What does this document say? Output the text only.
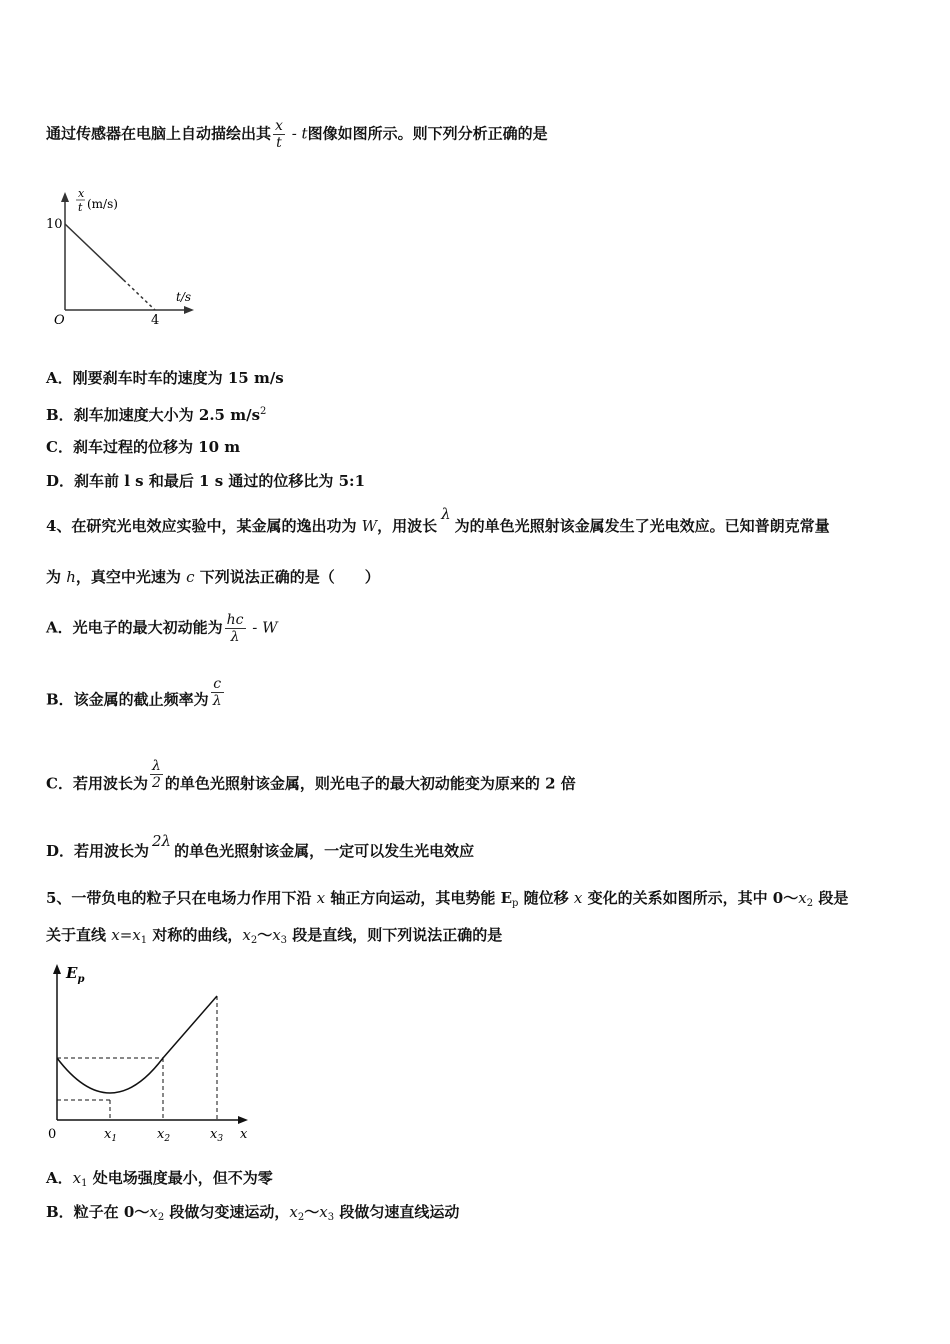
通过传感器在电脑上自动描绘出其 $\frac{x}{t}$ - t图像如图所示。则下列分析正确的是
x
t (m/s)
10
O	4
t/s
A．刚要刹车时车的速度为 15 m/s
B．刹车加速度大小为 2.5 $m/s^2$
C．刹车过程的位移为 10 m
D．刹车前 l s 和最后 1 s 通过的位移比为 5:1
4、在研究光电效应实验中，某金属的逸出功为 W，用波长λ为的单色光照射该金属发生了光电效应。已知普朗克常量
为 h，真空中光速为 c 下列说法正确的是（　　）
A．光电子的最大初动能为 $\frac{hc}{\lambda}$ - W
B．该金属的截止频率为 $\frac{c}{\lambda}$
C．若用波长为 $\frac{\lambda}{2}$ 的单色光照射该金属，则光电子的最大初动能变为原来的 2 倍
D．若用波长为2λ的单色光照射该金属，一定可以发生光电效应
5、一带负电的粒子只在电场力作用下沿 x 轴正方向运动，其电势能 $E_p$ 随位移 x 变化的关系如图所示，其中 $0\sim x_2$ 段是
关于直线 $x=x_1$ 对称的曲线，$x_2\sim x_3$ 段是直线，则下列说法正确的是
$E_p$
0	$x_1$	$x_2$	$x_3$ x
A．$x_1$ 处电场强度最小，但不为零
B．粒子在 $0\sim x_2$ 段做匀变速运动，$x_2\sim x_3$ 段做匀速直线运动
